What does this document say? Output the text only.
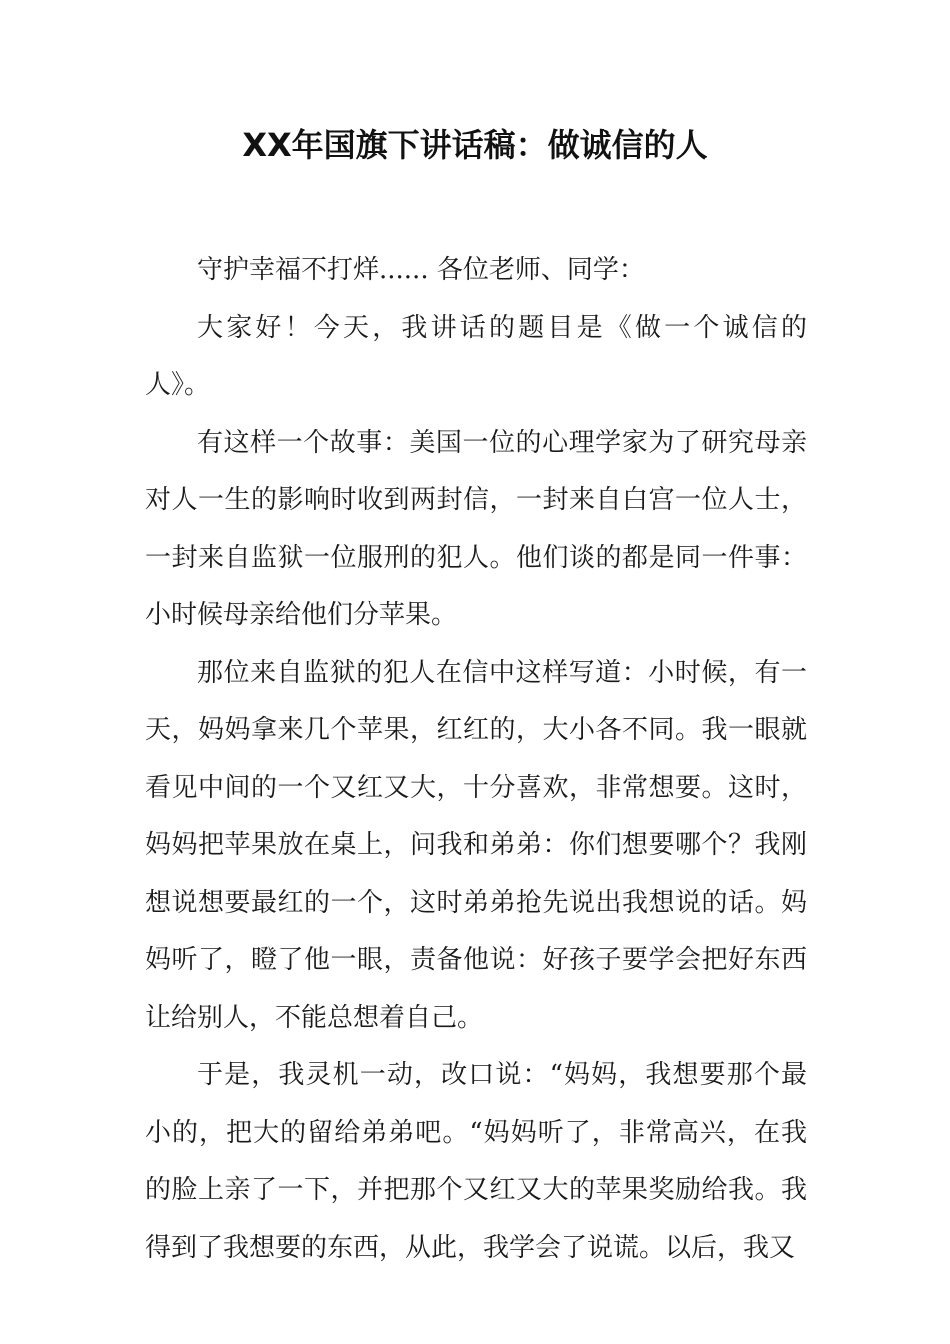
XX年国旗下讲话稿：做诚信的人

守护幸福不打烊...... 各位老师、同学：

大家好！今天，我讲话的题目是《做一个诚信的人》。

有这样一个故事：美国一位的心理学家为了研究母亲对人一生的影响时收到两封信，一封来自白宫一位人士，一封来自监狱一位服刑的犯人。他们谈的都是同一件事：小时候母亲给他们分苹果。

那位来自监狱的犯人在信中这样写道：小时候，有一天，妈妈拿来几个苹果，红红的，大小各不同。我一眼就看见中间的一个又红又大，十分喜欢，非常想要。这时，妈妈把苹果放在桌上，问我和弟弟：你们想要哪个？我刚想说想要最红的一个，这时弟弟抢先说出我想说的话。妈妈听了，瞪了他一眼，责备他说：好孩子要学会把好东西让给别人，不能总想着自己。

于是，我灵机一动，改口说：“妈妈，我想要那个最小的，把大的留给弟弟吧。“妈妈听了，非常高兴，在我的脸上亲了一下，并把那个又红又大的苹果奖励给我。我得到了我想要的东西，从此，我学会了说谎。以后，我又
